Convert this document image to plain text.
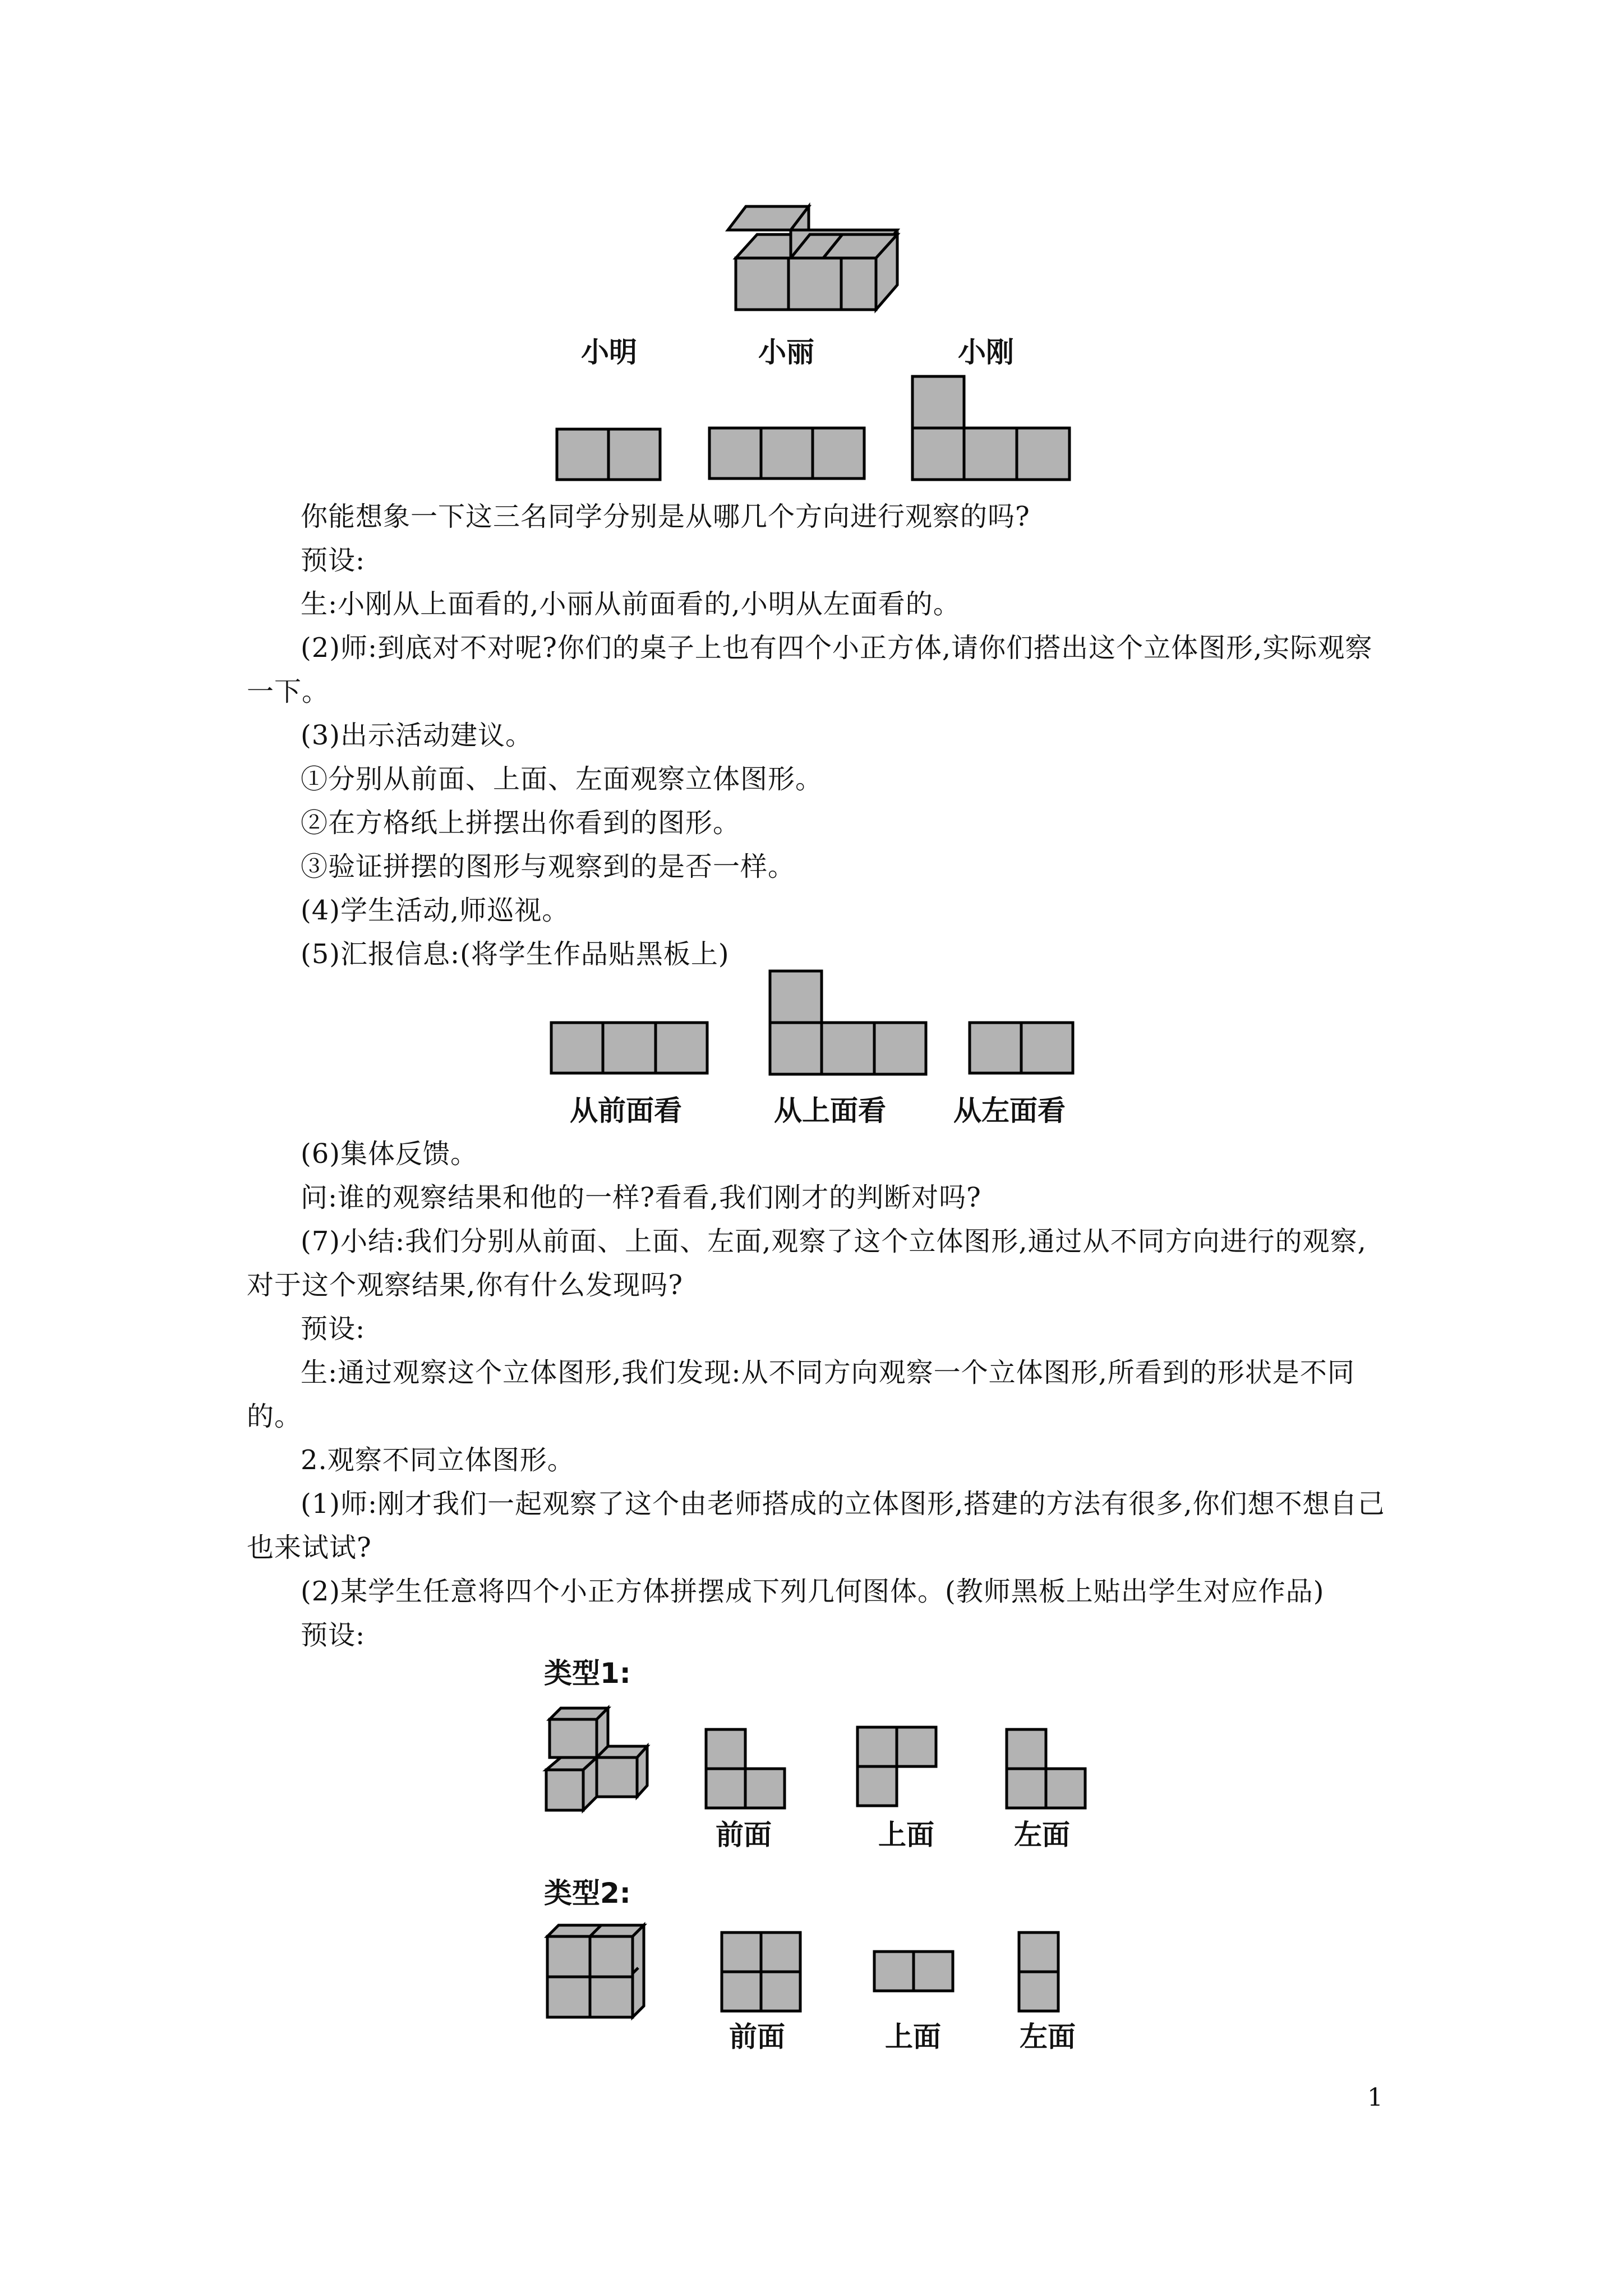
小明	小丽	小刚

你能想象一下这三名同学分别是从哪几个方向进行观察的吗?

预设:

生:小刚从上面看的,小丽从前面看的,小明从左面看的。

(2)师:到底对不对呢?你们的桌子上也有四个小正方体,请你们搭出这个立体图形,实际观察一下。

(3)出示活动建议。

①分别从前面、上面、左面观察立体图形。

②在方格纸上拼摆出你看到的图形。

③验证拼摆的图形与观察到的是否一样。

(4)学生活动,师巡视。

(5)汇报信息:(将学生作品贴黑板上)

从前面看	从上面看 从左面看

(6)集体反馈。

问:谁的观察结果和他的一样?看看,我们刚才的判断对吗?

(7)小结:我们分别从前面、上面、左面,观察了这个立体图形,通过从不同方向进行的观察,对于这个观察结果,你有什么发现吗?

预设:

生:通过观察这个立体图形,我们发现:从不同方向观察一个立体图形,所看到的形状是不同的。

2.观察不同立体图形。

(1)师:刚才我们一起观察了这个由老师搭成的立体图形,搭建的方法有很多,你们想不想自己也来试试?

(2)某学生任意将四个小正方体拼摆成下列几何图体。(教师黑板上贴出学生对应作品)

预设:

类型1:
前面	上面	左面
类型2:
前面	上面	左面
1
